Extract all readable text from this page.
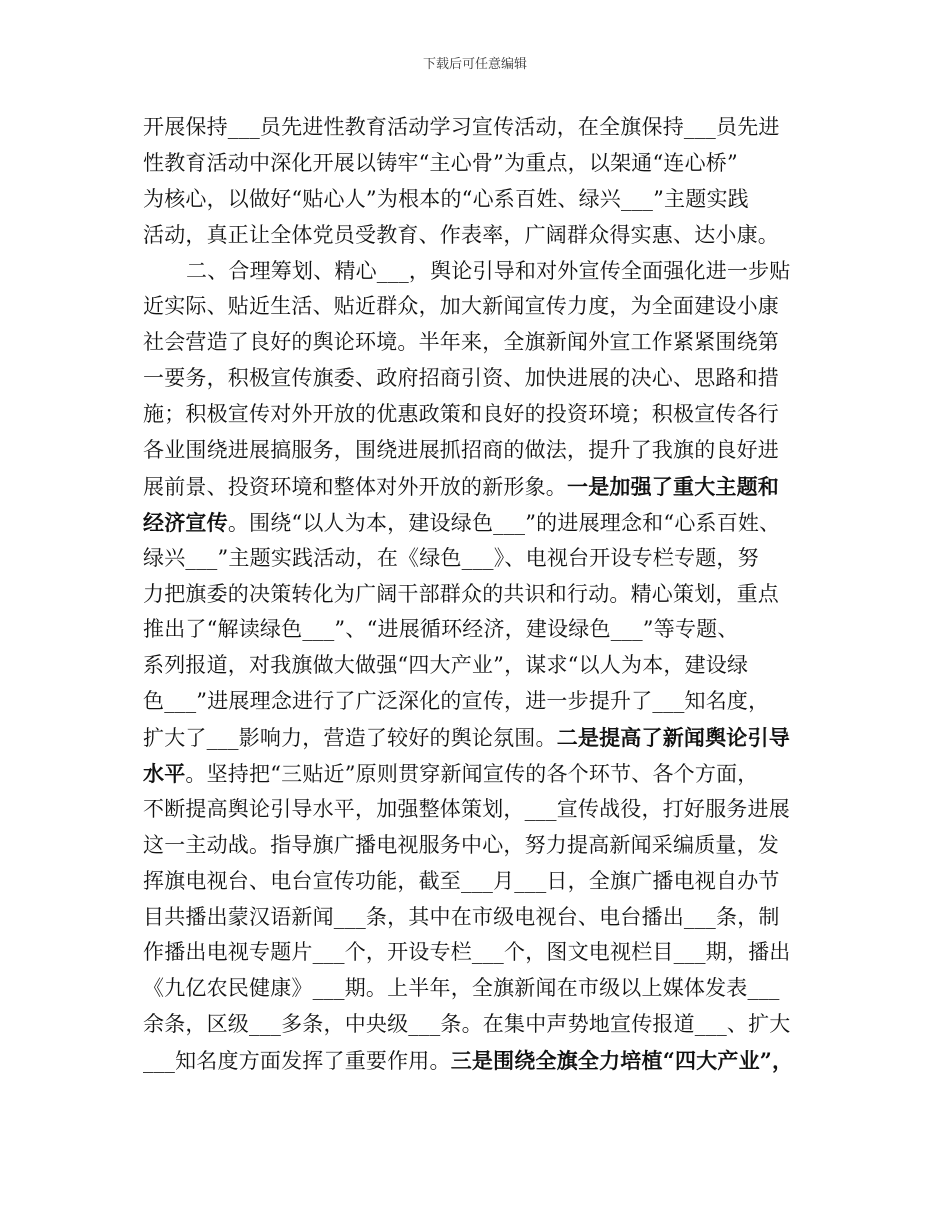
下载后可任意编辑
开展保持___员先进性教育活动学习宣传活动，在全旗保持___员先进
性教育活动中深化开展以铸牢“主心骨”为重点，以架通“连心桥”
为核心，以做好“贴心人”为根本的“心系百姓、绿兴___”主题实践
活动，真正让全体党员受教育、作表率，广阔群众得实惠、达小康。
二、合理筹划、精心___，舆论引导和对外宣传全面强化进一步贴
近实际、贴近生活、贴近群众，加大新闻宣传力度，为全面建设小康
社会营造了良好的舆论环境。半年来，全旗新闻外宣工作紧紧围绕第
一要务，积极宣传旗委、政府招商引资、加快进展的决心、思路和措
施；积极宣传对外开放的优惠政策和良好的投资环境；积极宣传各行
各业围绕进展搞服务，围绕进展抓招商的做法，提升了我旗的良好进
展前景、投资环境和整体对外开放的新形象。一是加强了重大主题和
经济宣传。围绕“以人为本，建设绿色___”的进展理念和“心系百姓、
绿兴___”主题实践活动，在《绿色___》、电视台开设专栏专题，努
力把旗委的决策转化为广阔干部群众的共识和行动。精心策划，重点
推出了“解读绿色___”、“进展循环经济，建设绿色___”等专题、
系列报道，对我旗做大做强“四大产业”，谋求“以人为本，建设绿
色___”进展理念进行了广泛深化的宣传，进一步提升了___知名度，
扩大了___影响力，营造了较好的舆论氛围。二是提高了新闻舆论引导
水平。坚持把“三贴近”原则贯穿新闻宣传的各个环节、各个方面，
不断提高舆论引导水平，加强整体策划，___宣传战役，打好服务进展
这一主动战。指导旗广播电视服务中心，努力提高新闻采编质量，发
挥旗电视台、电台宣传功能，截至___月___日，全旗广播电视自办节
目共播出蒙汉语新闻___条，其中在市级电视台、电台播出___条，制
作播出电视专题片___个，开设专栏___个，图文电视栏目___期，播出
《九亿农民健康》___期。上半年，全旗新闻在市级以上媒体发表___
余条，区级___多条，中央级___条。在集中声势地宣传报道___、扩大
___知名度方面发挥了重要作用。三是围绕全旗全力培植“四大产业”，
